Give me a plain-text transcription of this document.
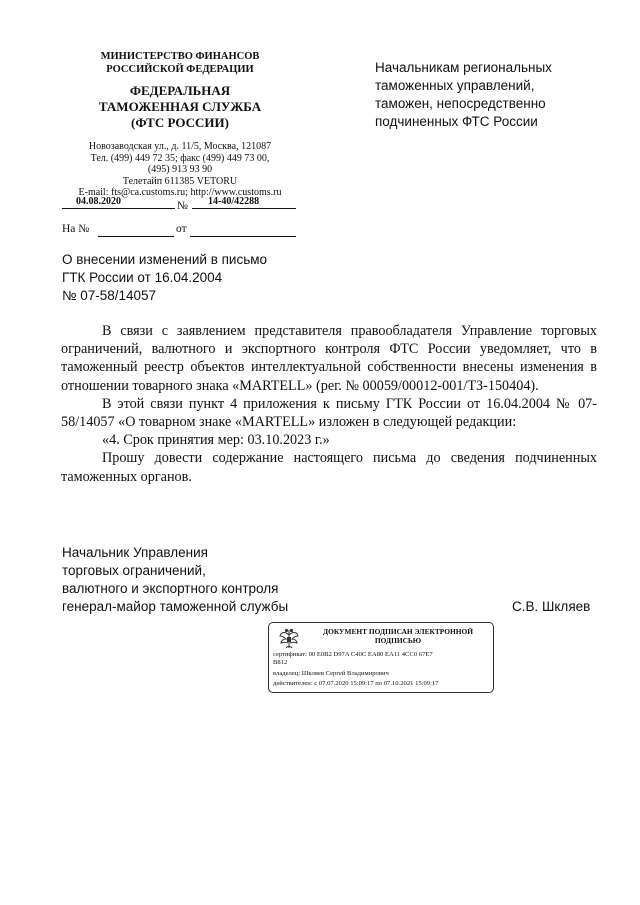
МИНИСТЕРСТВО ФИНАНСОВ
РОССИЙСКОЙ ФЕДЕРАЦИИ
ФЕДЕРАЛЬНАЯ
ТАМОЖЕННАЯ СЛУЖБА
(ФТС РОССИИ)
Новозаводская ул., д. 11/5, Москва, 121087
Тел. (499) 449 72 35; факс (499) 449 73 00,
(495) 913 93 90
Телетайп 611385 VETORU
E-mail: fts@ca.customs.ru; http://www.customs.ru
04.08.2020	№	14-40/42288
На №	от
Начальникам региональных
таможенных управлений,
таможен, непосредственно
подчиненных ФТС России
О внесении изменений в письмо
ГТК России от 16.04.2004
№ 07-58/14057

В связи с заявлением представителя правообладателя Управление торговых ограничений, валютного и экспортного контроля ФТС России уведомляет, что в таможенный реестр объектов интеллектуальной собственности внесены изменения в отношении товарного знака «MARTELL» (рег. № 00059/00012-001/ТЗ-150404).

В этой связи пункт 4 приложения к письму ГТК России от 16.04.2004 № 07-58/14057 «О товарном знаке «MARTELL» изложен в следующей редакции:

«4. Срок принятия мер: 03.10.2023 г.»

Прошу довести содержание настоящего письма до сведения подчиненных таможенных органов.

Начальник Управления
торговых ограничений,
валютного и экспортного контроля
генерал-майор таможенной службы	С.В. Шкляев
ДОКУМЕНТ ПОДПИСАН ЭЛЕКТРОННОЙ
ПОДПИСЬЮ
сертификат: 00 E0B2 D97A C40C EA80 EA11 4CC0 67E7
B812
владелец: Шкляев Сергей Владимирович
действителен: с 07.07.2020 15:09:17 по 07.10.2021 15:09:17
